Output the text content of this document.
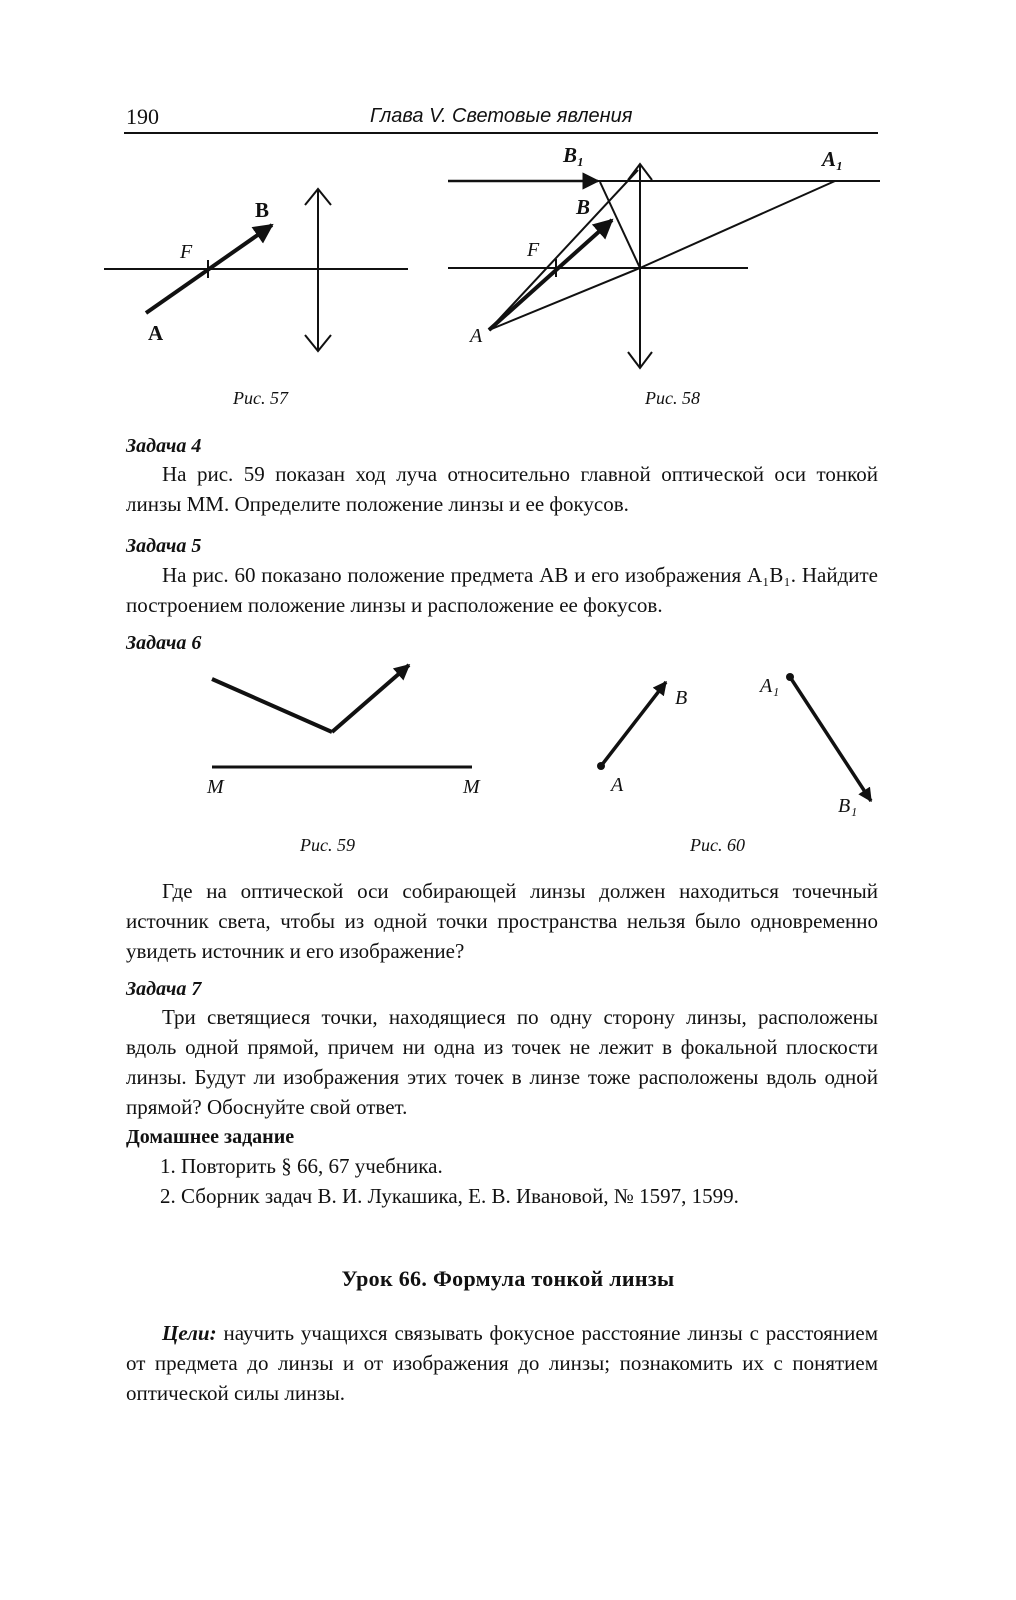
190	Глава V. Световые явления
F
B
A
Рис. 57
B₁	A₁
B
F
A
Рис. 58
Задача 4
На рис. 59 показан ход луча относительно главной оптической оси тонкой линзы MM. Определите положение линзы и ее фокусов.
Задача 5
На рис. 60 показано положение предмета AB и его изображения A₁B₁. Найдите построением положение линзы и расположение ее фокусов.
Задача 6
M	M
Рис. 59
B
A
A₁
B₁
Рис. 60
Где на оптической оси собирающей линзы должен находиться точечный источник света, чтобы из одной точки пространства нельзя было одновременно увидеть источник и его изображение?
Задача 7
Три светящиеся точки, находящиеся по одну сторону линзы, расположены вдоль одной прямой, причем ни одна из точек не лежит в фокальной плоскости линзы. Будут ли изображения этих точек в линзе тоже расположены вдоль одной прямой? Обоснуйте свой ответ.
Домашнее задание
1. Повторить § 66, 67 учебника.
2. Сборник задач В. И. Лукашика, Е. В. Ивановой, № 1597, 1599.
Урок 66. Формула тонкой линзы
Цели: научить учащихся связывать фокусное расстояние линзы с расстоянием от предмета до линзы и от изображения до линзы; познакомить их с понятием оптической силы линзы.
